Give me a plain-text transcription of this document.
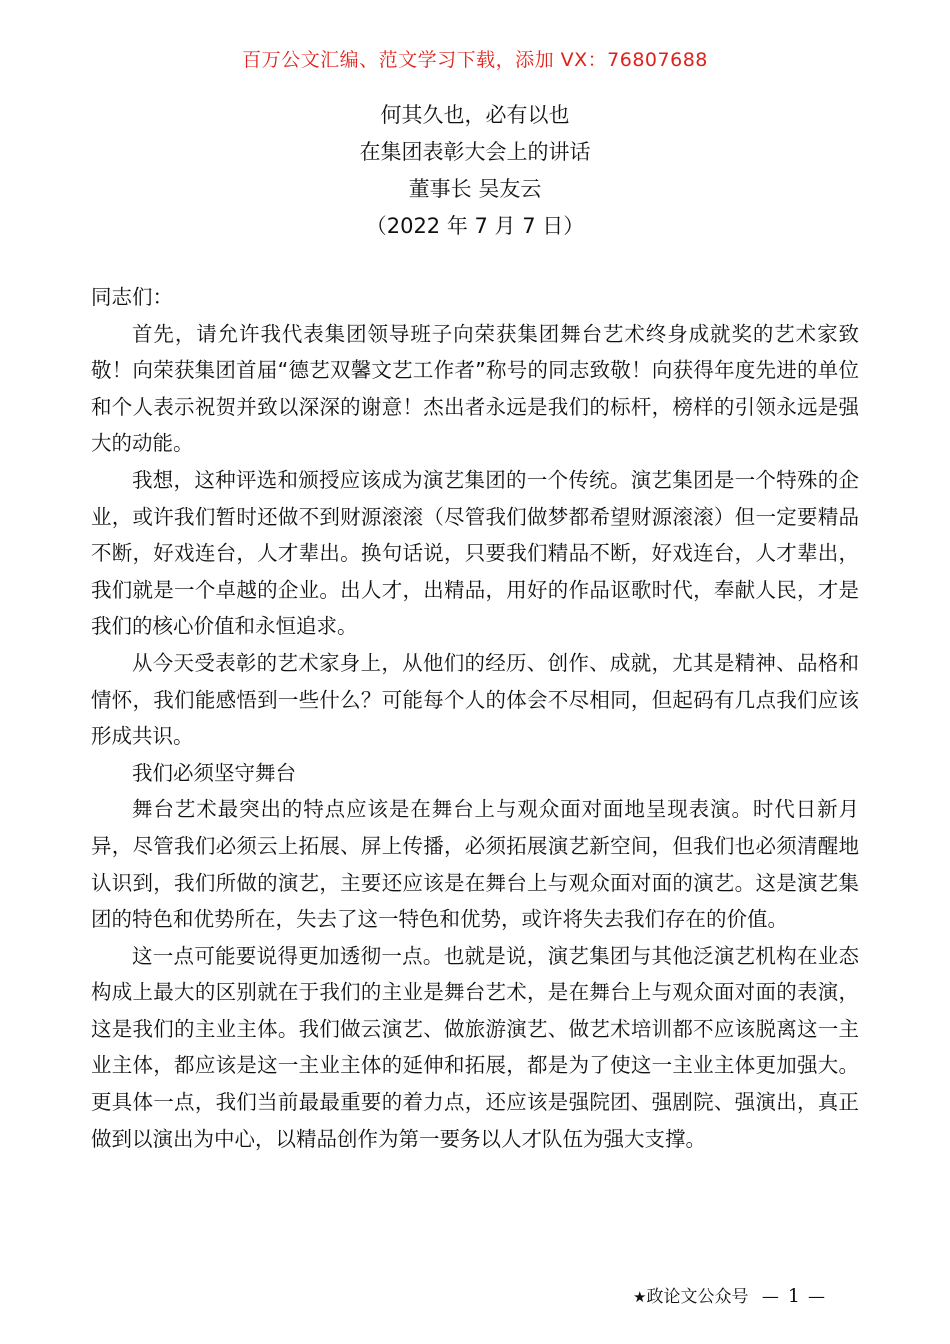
百万公文汇编、范文学习下载，添加 VX：76807688
何其久也，必有以也
在集团表彰大会上的讲话
董事长 吴友云
（2022 年 7 月 7 日）

同志们：

首先，请允许我代表集团领导班子向荣获集团舞台艺术终身成就奖的艺术家致敬！向荣获集团首届“德艺双馨文艺工作者”称号的同志致敬！向获得年度先进的单位和个人表示祝贺并致以深深的谢意！杰出者永远是我们的标杆，榜样的引领永远是强大的动能。

我想，这种评选和颁授应该成为演艺集团的一个传统。演艺集团是一个特殊的企业，或许我们暂时还做不到财源滚滚（尽管我们做梦都希望财源滚滚）但一定要精品不断，好戏连台，人才辈出。换句话说，只要我们精品不断，好戏连台，人才辈出，我们就是一个卓越的企业。出人才，出精品，用好的作品讴歌时代，奉献人民，才是我们的核心价值和永恒追求。

从今天受表彰的艺术家身上，从他们的经历、创作、成就，尤其是精神、品格和情怀，我们能感悟到一些什么？可能每个人的体会不尽相同，但起码有几点我们应该形成共识。

我们必须坚守舞台

舞台艺术最突出的特点应该是在舞台上与观众面对面地呈现表演。时代日新月异，尽管我们必须云上拓展、屏上传播，必须拓展演艺新空间，但我们也必须清醒地认识到，我们所做的演艺，主要还应该是在舞台上与观众面对面的演艺。这是演艺集团的特色和优势所在，失去了这一特色和优势，或许将失去我们存在的价值。

这一点可能要说得更加透彻一点。也就是说，演艺集团与其他泛演艺机构在业态构成上最大的区别就在于我们的主业是舞台艺术，是在舞台上与观众面对面的表演，这是我们的主业主体。我们做云演艺、做旅游演艺、做艺术培训都不应该脱离这一主业主体，都应该是这一主业主体的延伸和拓展，都是为了使这一主业主体更加强大。更具体一点，我们当前最最重要的着力点，还应该是强院团、强剧院、强演出，真正做到以演出为中心，以精品创作为第一要务以人才队伍为强大支撑。

★政论文公众号 — 1 —
